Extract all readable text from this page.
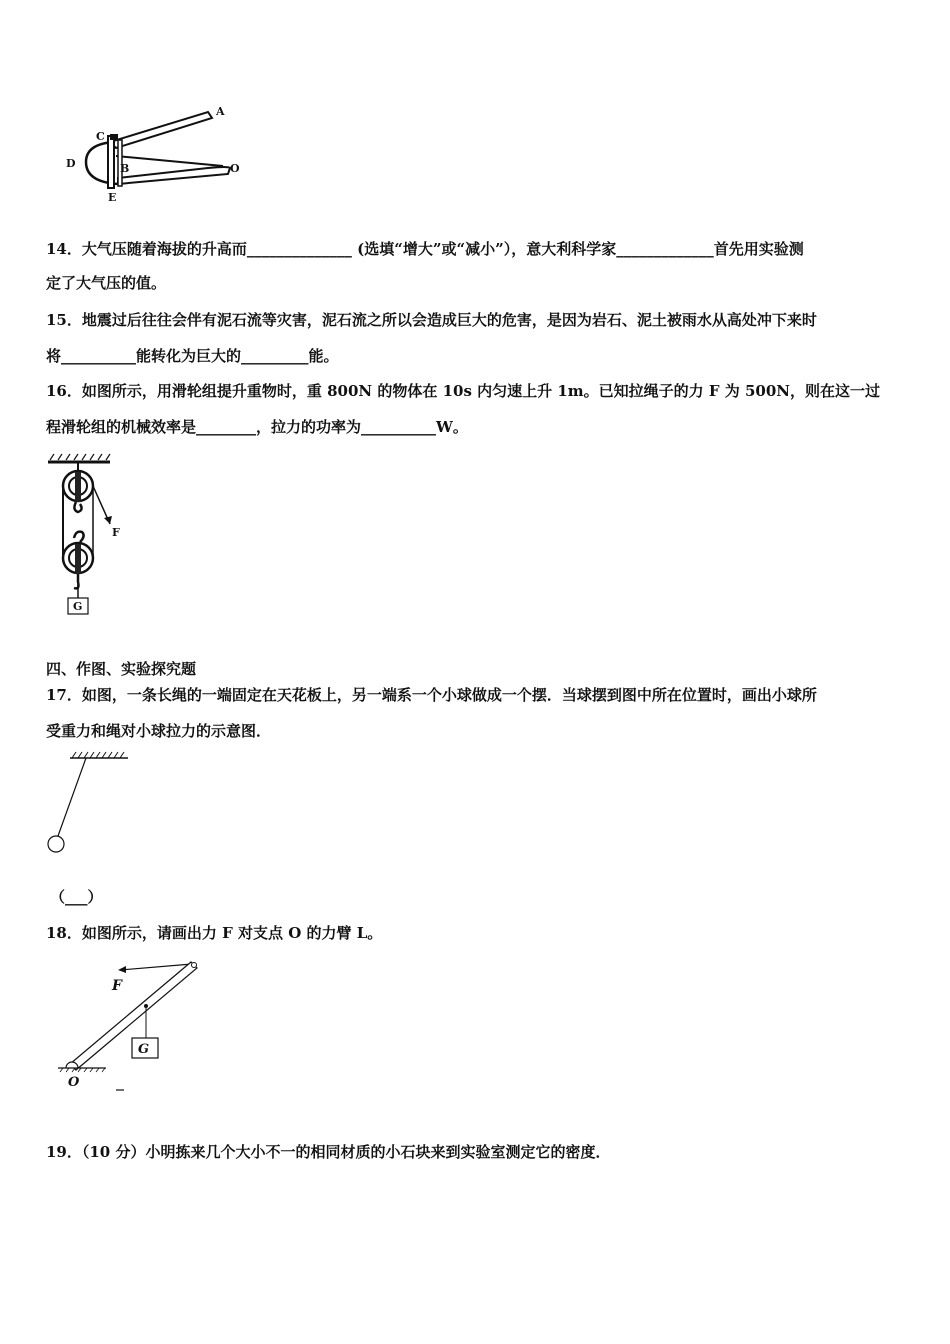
A
C
D	B	O
E
14．大气压随着海拔的升高而______________ (选填“增大”或“减小”），意大利科学家_____________首先用实验测
定了大气压的值。
15．地震过后往往会伴有泥石流等灾害，泥石流之所以会造成巨大的危害，是因为岩石、泥土被雨水从高处冲下来时
将__________能转化为巨大的_________能。
16．如图所示，用滑轮组提升重物时，重 800N 的物体在 10s 内匀速上升 1m。已知拉绳子的力 F 为 500N，则在这一过
程滑轮组的机械效率是________，拉力的功率为__________W。
F
G
四、作图、实验探究题
17．如图，一条长绳的一端固定在天花板上，另一端系一个小球做成一个摆．当球摆到图中所在位置时，画出小球所
受重力和绳对小球拉力的示意图．
（___）
18．如图所示，请画出力 F 对支点 O 的力臂 L。
F
G
O
19．（10 分）小明拣来几个大小不一的相同材质的小石块来到实验室测定它的密度．
